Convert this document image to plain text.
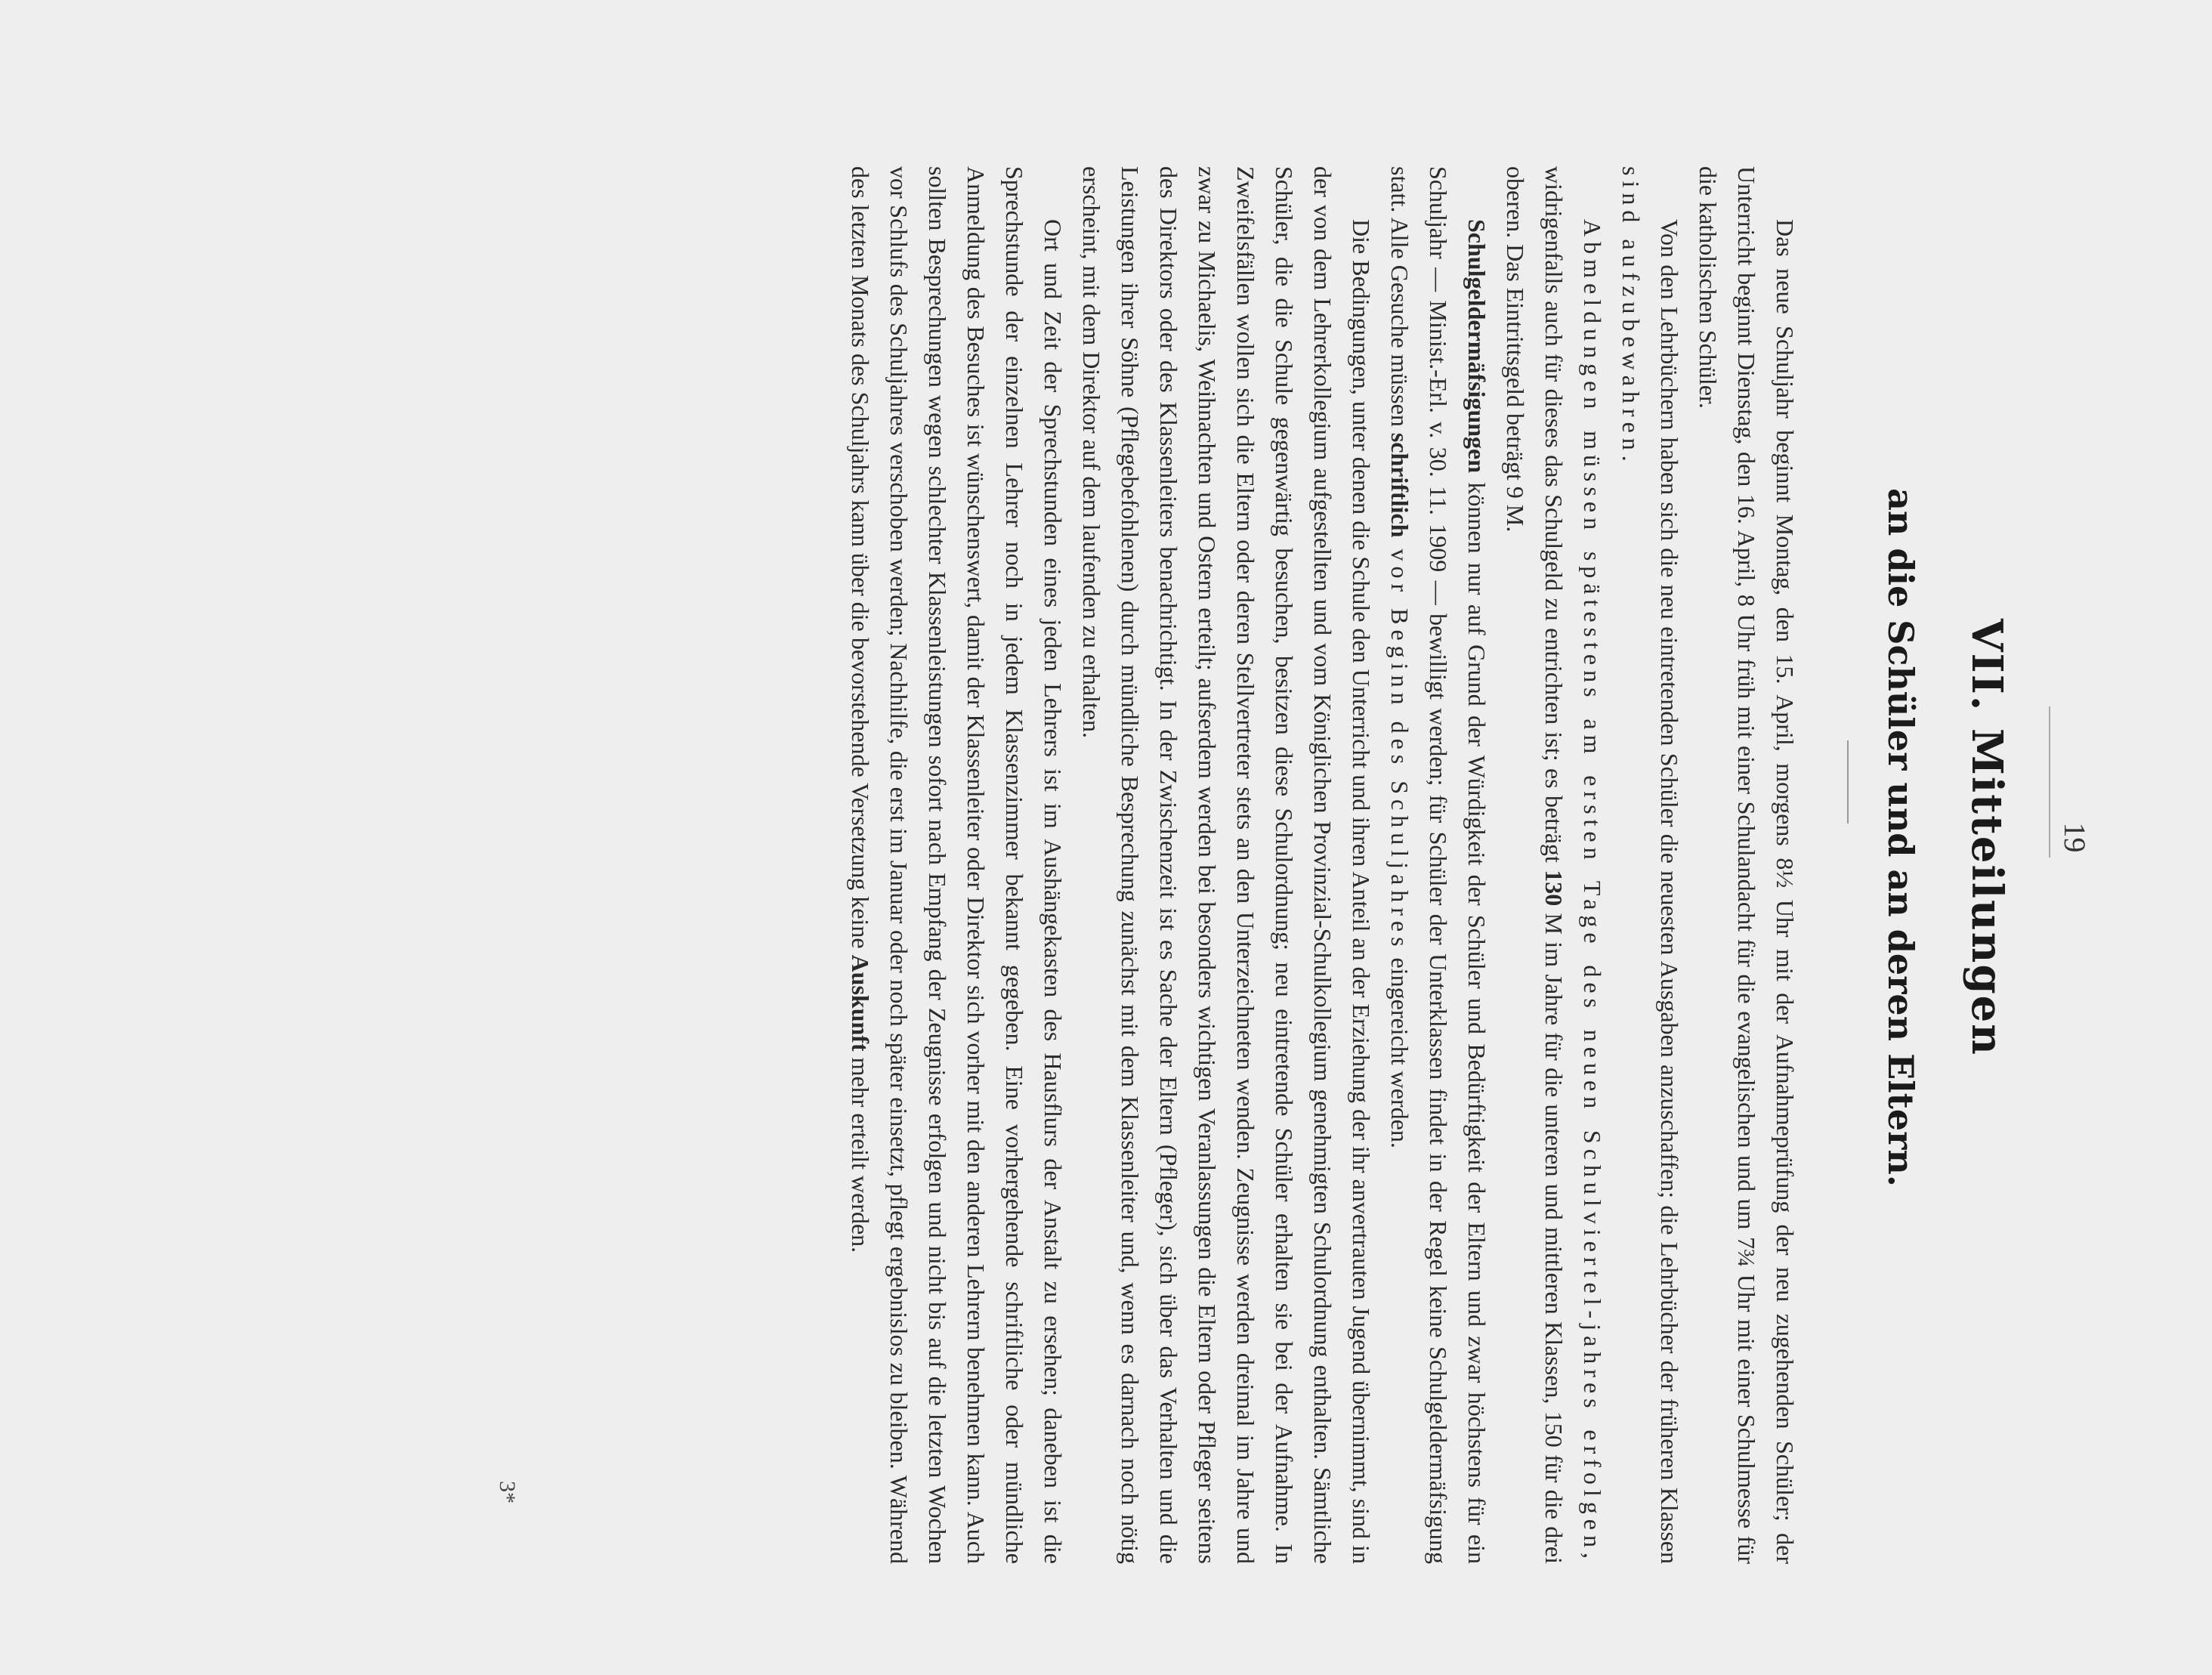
19
VII. Mitteilungen
an die Schüler und an deren Eltern.

Das neue Schuljahr beginnt Montag, den 15. April, morgens 8½ Uhr mit der Aufnahmeprüfung der neu zugehenden Schüler; der Unterricht beginnt Dienstag, den 16. April, 8 Uhr früh mit einer Schulandacht für die evangelischen und um 7¾ Uhr mit einer Schulmesse für die katholischen Schüler.

Von den Lehrbüchern haben sich die neu eintretenden Schüler die neuesten Ausgaben anzuschaffen; die Lehrbücher der früheren Klassen sind aufzubewahren.

Abmeldungen müssen spätestens am ersten Tage des neuen Schulviertel-jahres erfolgen, widrigenfalls auch für dieses das Schulgeld zu entrichten ist; es beträgt 130 M im Jahre für die unteren und mittleren Klassen, 150 für die drei oberen. Das Eintrittsgeld beträgt 9 M.

Schulgeldermäfsigungen können nur auf Grund der Würdigkeit der Schüler und Bedürftigkeit der Eltern und zwar höchstens für ein Schuljahr — Minist.-Erl. v. 30. 11. 1909 — bewilligt werden; für Schüler der Unterklassen findet in der Regel keine Schulgeldermäfsigung statt. Alle Gesuche müssen schriftlich vor Beginn des Schuljahres eingereicht werden.

Die Bedingungen, unter denen die Schule den Unterricht und ihren Anteil an der Erziehung der ihr anvertrauten Jugend übernimmt, sind in der von dem Lehrerkollegium aufgestellten und vom Königlichen Provinzial-Schulkollegium genehmigten Schulordnung enthalten. Sämtliche Schüler, die die Schule gegenwärtig besuchen, besitzen diese Schulordnung; neu eintretende Schüler erhalten sie bei der Aufnahme. In Zweifelsfällen wollen sich die Eltern oder deren Stellvertreter stets an den Unterzeichneten wenden. Zeugnisse werden dreimal im Jahre und zwar zu Michaelis, Weihnachten und Ostern erteilt; aufserdem werden bei besonders wichtigen Veranlassungen die Eltern oder Pfleger seitens des Direktors oder des Klassenleiters benachrichtigt. In der Zwischenzeit ist es Sache der Eltern (Pfleger), sich über das Verhalten und die Leistungen ihrer Söhne (Pflegebefohlenen) durch mündliche Besprechung zunächst mit dem Klassenleiter und, wenn es darnach noch nötig erscheint, mit dem Direktor auf dem laufenden zu erhalten.

Ort und Zeit der Sprechstunden eines jeden Lehrers ist im Aushängekasten des Hausflurs der Anstalt zu ersehen; daneben ist die Sprechstunde der einzelnen Lehrer noch in jedem Klassenzimmer bekannt gegeben. Eine vorhergehende schriftliche oder mündliche Anmeldung des Besuches ist wünschenswert, damit der Klassenleiter oder Direktor sich vorher mit den anderen Lehrern benehmen kann. Auch sollten Besprechungen wegen schlechter Klassenleistungen sofort nach Empfang der Zeugnisse erfolgen und nicht bis auf die letzten Wochen vor Schlufs des Schuljahres verschoben werden; Nachhilfe, die erst im Januar oder noch später einsetzt, pflegt ergebnislos zu bleiben. Während des letzten Monats des Schuljahrs kann über die bevorstehende Versetzung keine Auskunft mehr erteilt werden.

3*
